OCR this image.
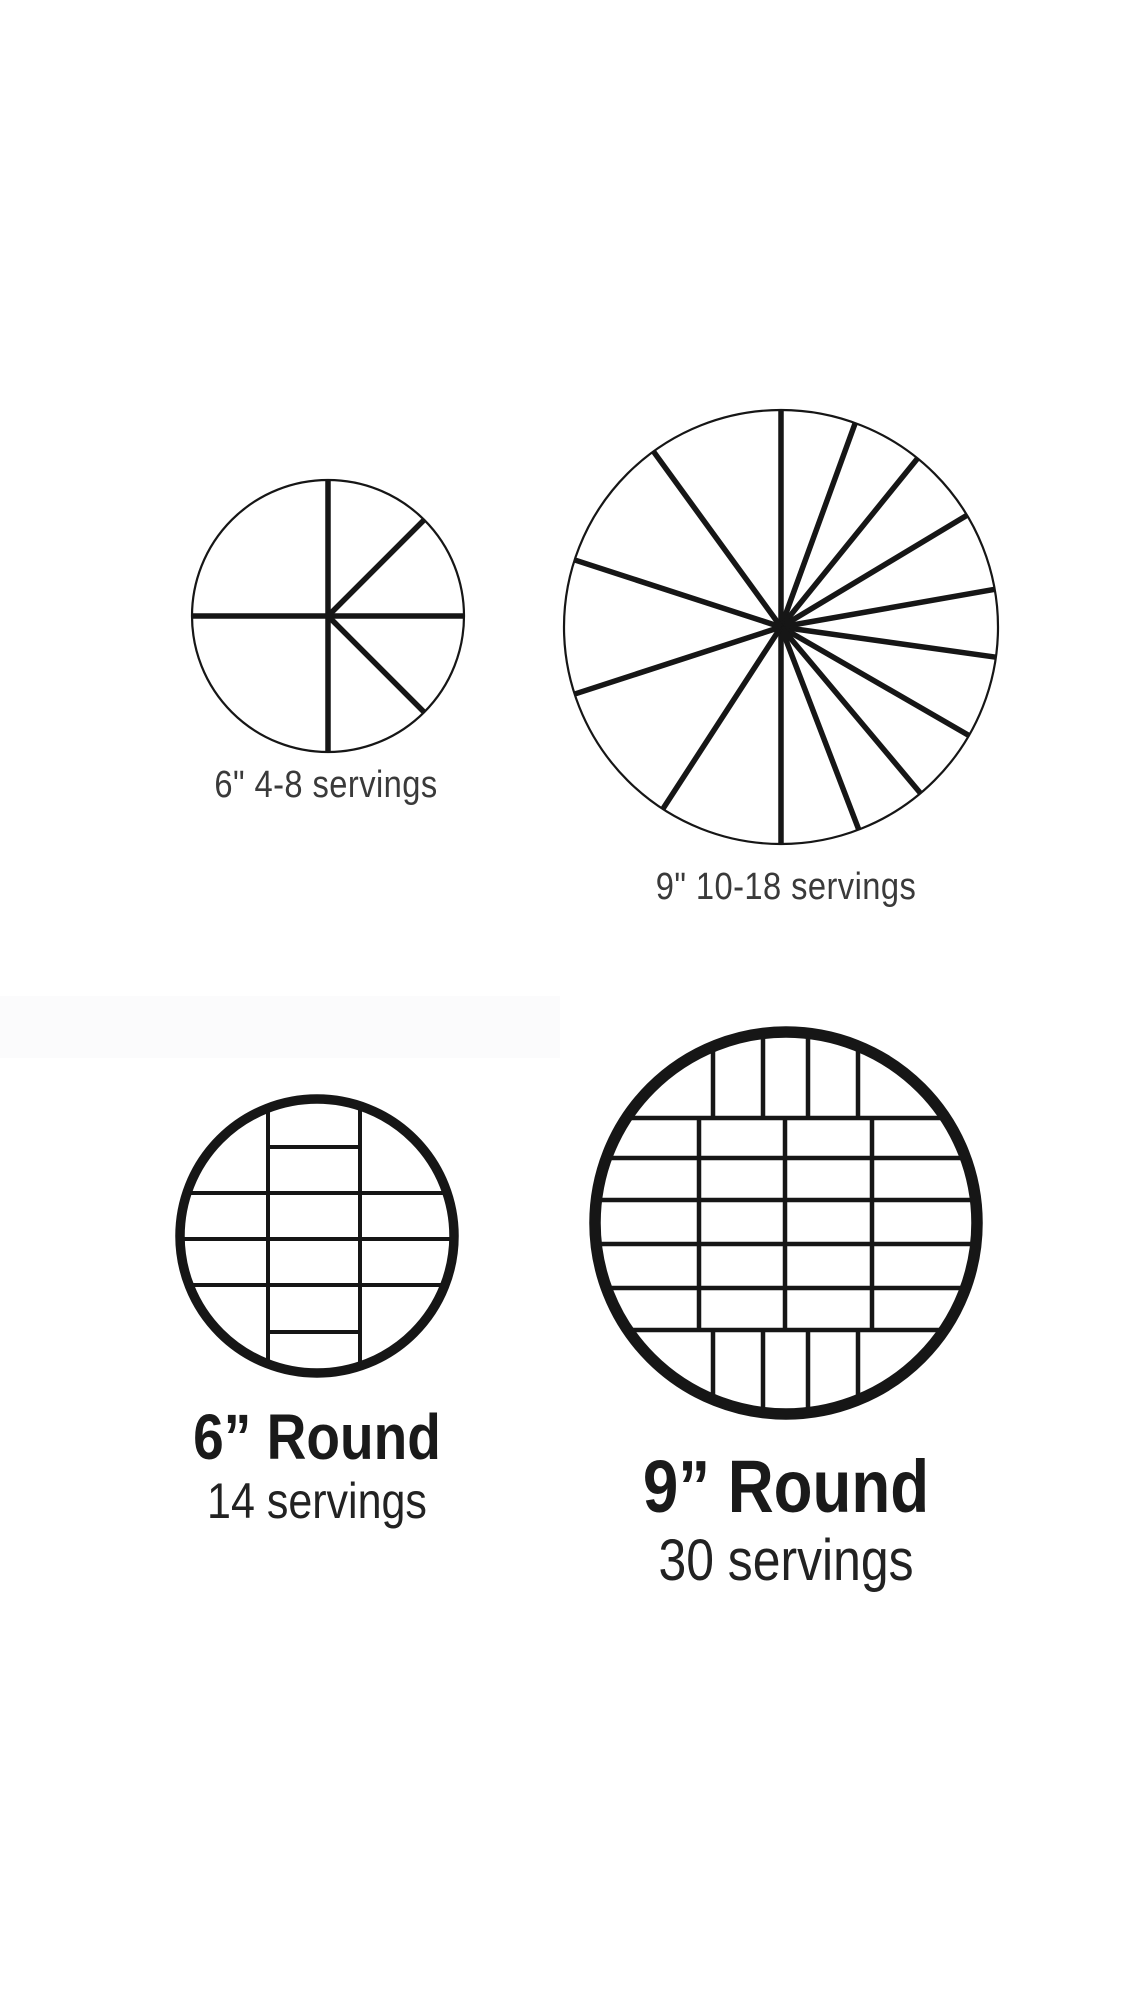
6" 4-8 servings
9" 10-18 servings
6” Round
14 servings	9” Round
30 servings
